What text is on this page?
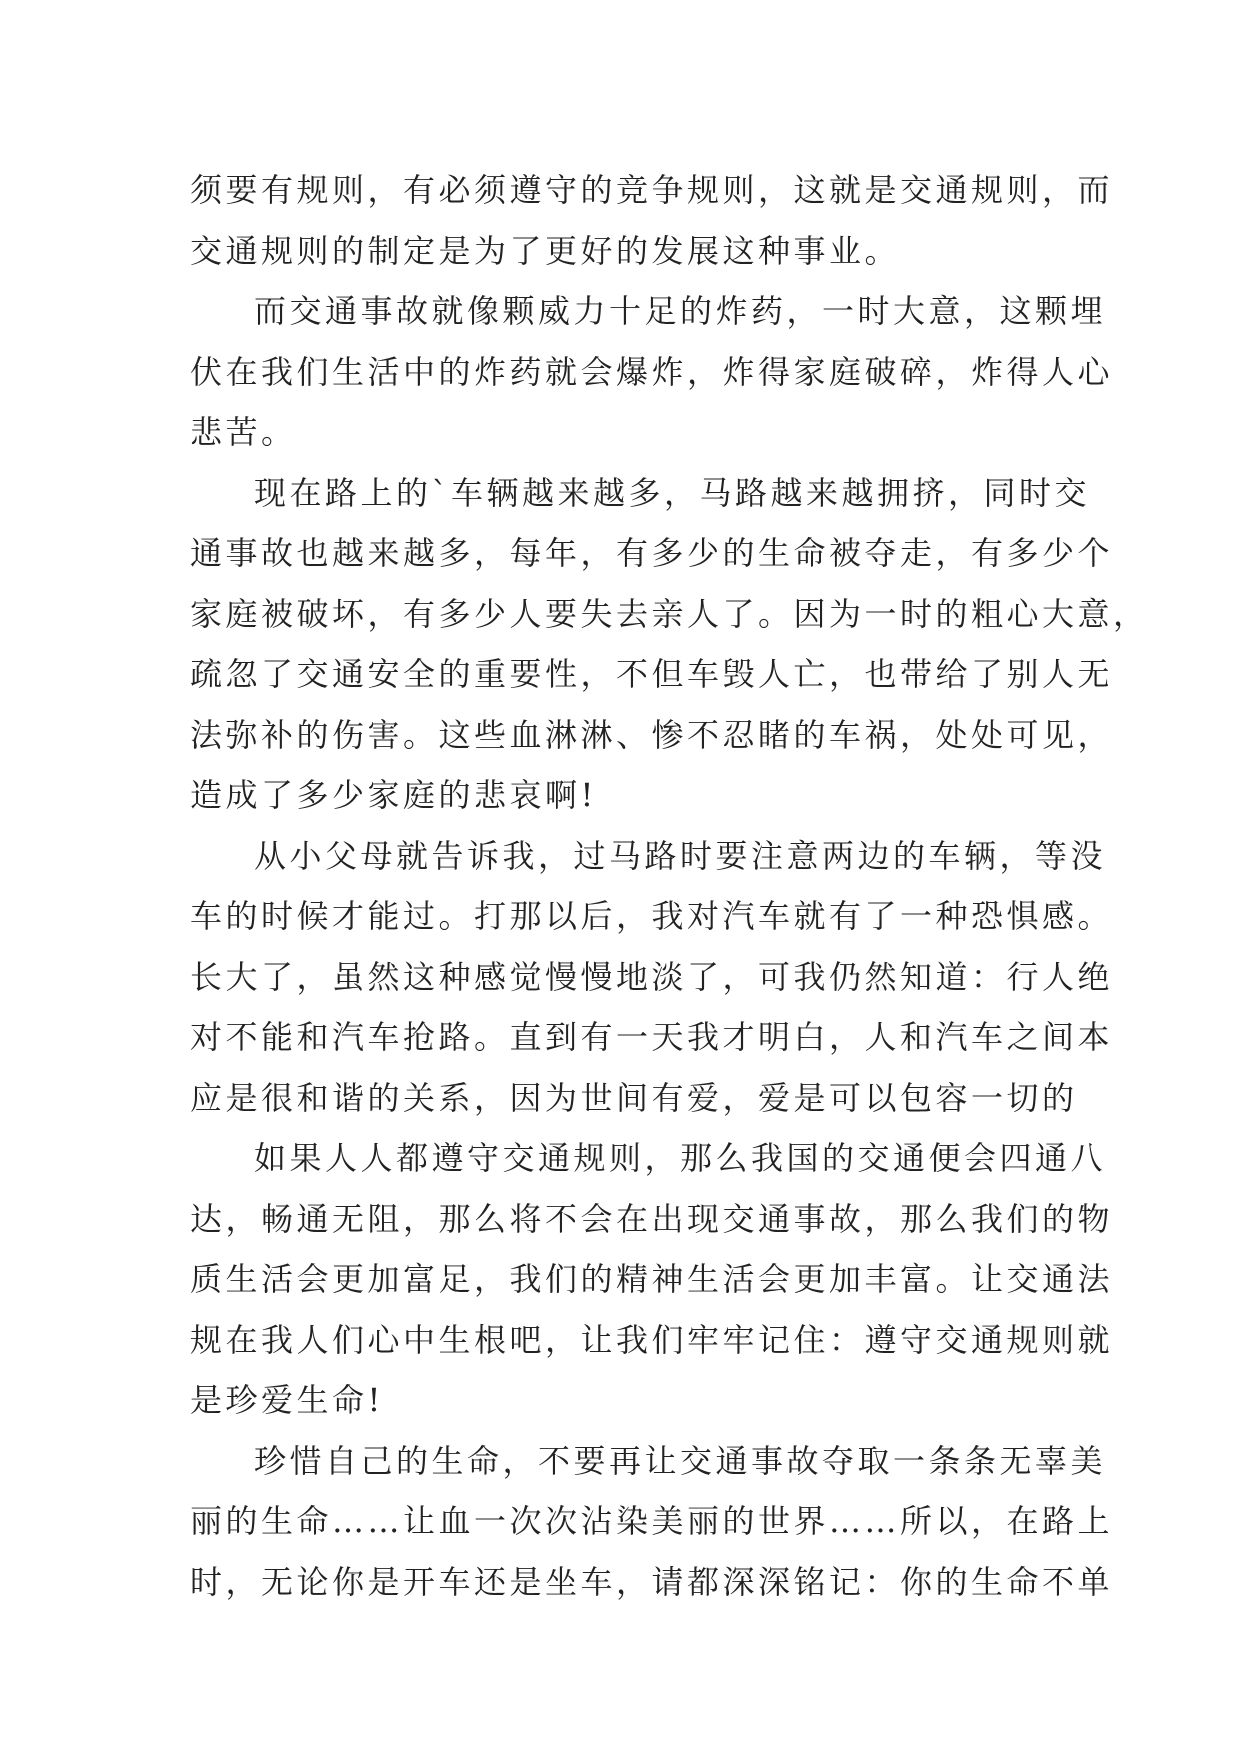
须要有规则，有必须遵守的竞争规则，这就是交通规则，而
交通规则的制定是为了更好的发展这种事业。
而交通事故就像颗威力十足的炸药，一时大意，这颗埋
伏在我们生活中的炸药就会爆炸，炸得家庭破碎，炸得人心
悲苦。
现在路上的`车辆越来越多，马路越来越拥挤，同时交
通事故也越来越多，每年，有多少的生命被夺走，有多少个
家庭被破坏，有多少人要失去亲人了。因为一时的粗心大意，
疏忽了交通安全的重要性，不但车毁人亡，也带给了别人无
法弥补的伤害。这些血淋淋、惨不忍睹的车祸，处处可见，
造成了多少家庭的悲哀啊!
从小父母就告诉我，过马路时要注意两边的车辆，等没
车的时候才能过。打那以后，我对汽车就有了一种恐惧感。
长大了，虽然这种感觉慢慢地淡了，可我仍然知道：行人绝
对不能和汽车抢路。直到有一天我才明白，人和汽车之间本
应是很和谐的关系，因为世间有爱，爱是可以包容一切的
如果人人都遵守交通规则，那么我国的交通便会四通八
达，畅通无阻，那么将不会在出现交通事故，那么我们的物
质生活会更加富足，我们的精神生活会更加丰富。让交通法
规在我人们心中生根吧，让我们牢牢记住：遵守交通规则就
是珍爱生命!
珍惜自己的生命，不要再让交通事故夺取一条条无辜美
丽的生命……让血一次次沾染美丽的世界……所以，在路上
时，无论你是开车还是坐车，请都深深铭记：你的生命不单
